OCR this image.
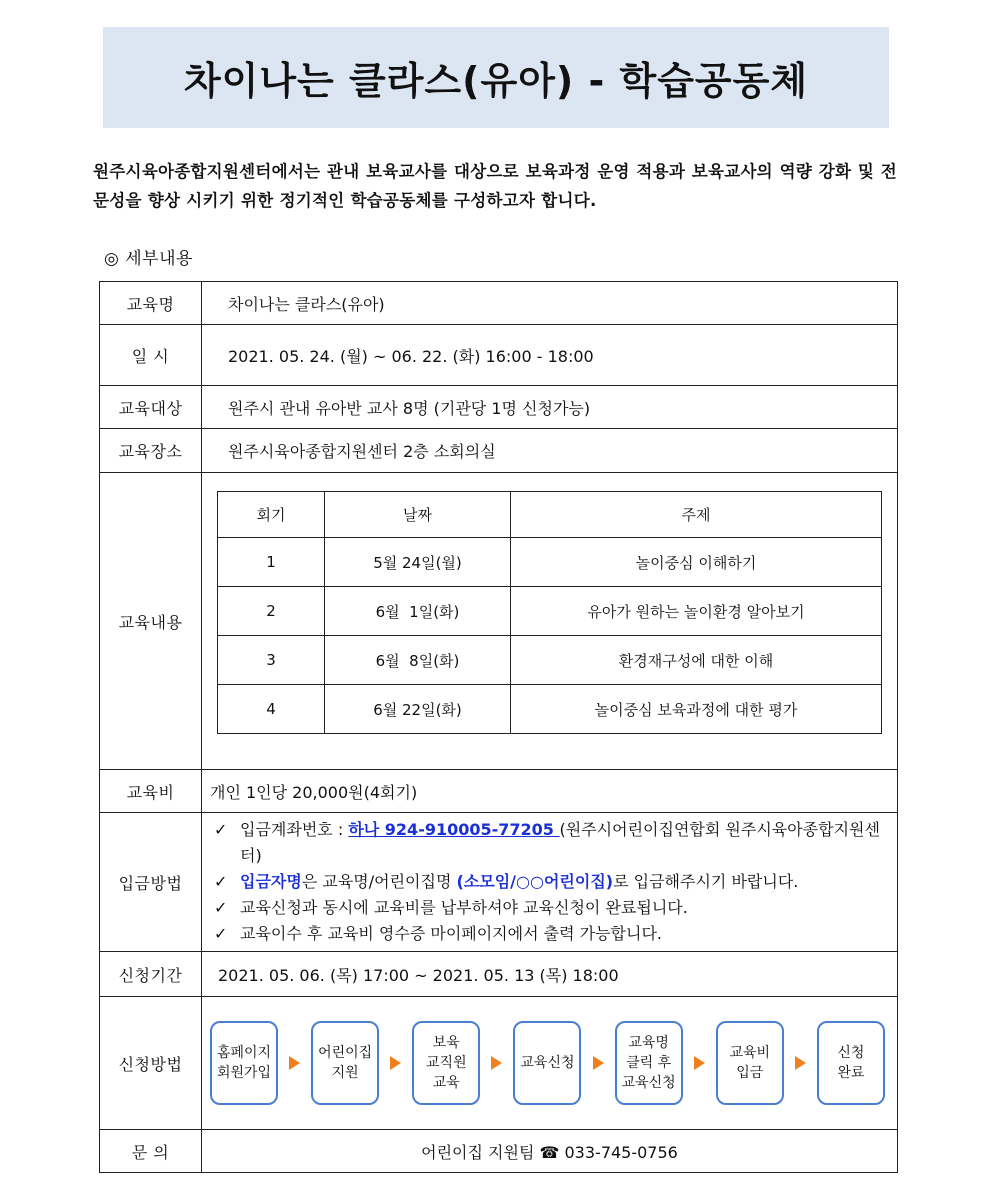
차이나는 클라스(유아) - 학습공동체

원주시육아종합지원센터에서는 관내 보육교사를 대상으로 보육과정 운영 적용과 보육교사의 역량 강화 및 전문성을 향상 시키기 위한 정기적인 학습공동체를 구성하고자 합니다.

◎ 세부내용
교육명	차이나는 클라스(유아)
일 시	2021. 05. 24. (월) ~ 06. 22. (화) 16:00 - 18:00
교육대상	원주시 관내 유아반 교사 8명 (기관당 1명 신청가능)
교육장소	원주시육아종합지원센터 2층 소회의실
교육내용	
회기	날짜	주제
1	5월 24일(월)	놀이중심 이해하기
2	6월  1일(화)	유아가 원하는 놀이환경 알아보기
3	6월  8일(화)	환경재구성에 대한 이해
4	6월 22일(화)	놀이중심 보육과정에 대한 평가

교육비	개인 1인당 20,000원(4회기)
입금방법	
✓ 입금계좌번호 : 하나 924-910005-77205 (원주시어린이집연합회 원주시육아종합지원센터)
✓ 입금자명은 교육명/어린이집명 (소모임/○○어린이집)로 입금해주시기 바랍니다.
✓ 교육신청과 동시에 교육비를 납부하셔야 교육신청이 완료됩니다.
✓ 교육이수 후 교육비 영수증 마이페이지에서 출력 가능합니다.

신청기간	2021. 05. 06. (목) 17:00 ~ 2021. 05. 13 (목) 18:00
신청방법	
홈페이지
회원가입
어린이집
지원
보육
교직원
교육
교육신청
교육명
클릭 후
교육신청
교육비
입금
신청
완료

문 의	어린이집 지원팀 ☎ 033-745-0756
